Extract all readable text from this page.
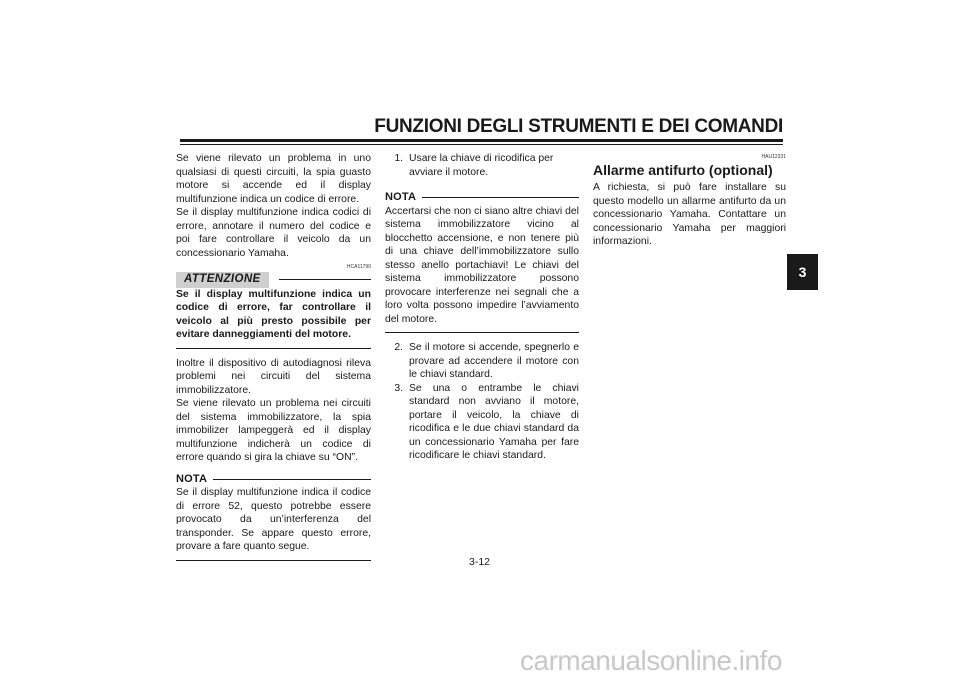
FUNZIONI DEGLI STRUMENTI E DEI COMANDI
3

Se viene rilevato un problema in uno qualsiasi di questi circuiti, la spia guasto motore si accende ed il display multifunzione indica un codice di errore.

Se il display multifunzione indica codici di errore, annotare il numero del codice e poi fare controllare il veicolo da un concessionario Yamaha.

HCA11790
ATTENZIONE

Se il display multifunzione indica un codice di errore, far controllare il veicolo al più presto possibile per evitare danneggiamenti del motore.

Inoltre il dispositivo di autodiagnosi rileva problemi nei circuiti del sistema immobilizzatore.

Se viene rilevato un problema nei circuiti del sistema immobilizzatore, la spia immobilizer lampeggerà ed il display multifunzione indicherà un codice di errore quando si gira la chiave su “ON”.

NOTA

Se il display multifunzione indica il codice di errore 52, questo potrebbe essere provocato da un’interferenza del transponder. Se appare questo errore, provare a fare quanto segue.

1. Usare la chiave di ricodifica per avviare il motore.
NOTA

Accertarsi che non ci siano altre chiavi del sistema immobilizzatore vicino al blocchetto accensione, e non tenere più di una chiave dell’immobilizzatore sullo stesso anello portachiavi! Le chiavi del sistema immobilizzatore possono provocare interferenze nei segnali che a loro volta possono impedire l’avviamento del motore.

2. Se il motore si accende, spegnerlo e provare ad accendere il motore con le chiavi standard.
3. Se una o entrambe le chiavi standard non avviano il motore, portare il veicolo, la chiave di ricodifica e le due chiavi standard da un concessionario Yamaha per fare ricodificare le chiavi standard.
HAU12331
Allarme antifurto (optional)

A richiesta, si può fare installare su questo modello un allarme antifurto da un concessionario Yamaha. Contattare un concessionario Yamaha per maggiori informazioni.

3-12
carmanualsonline.info
